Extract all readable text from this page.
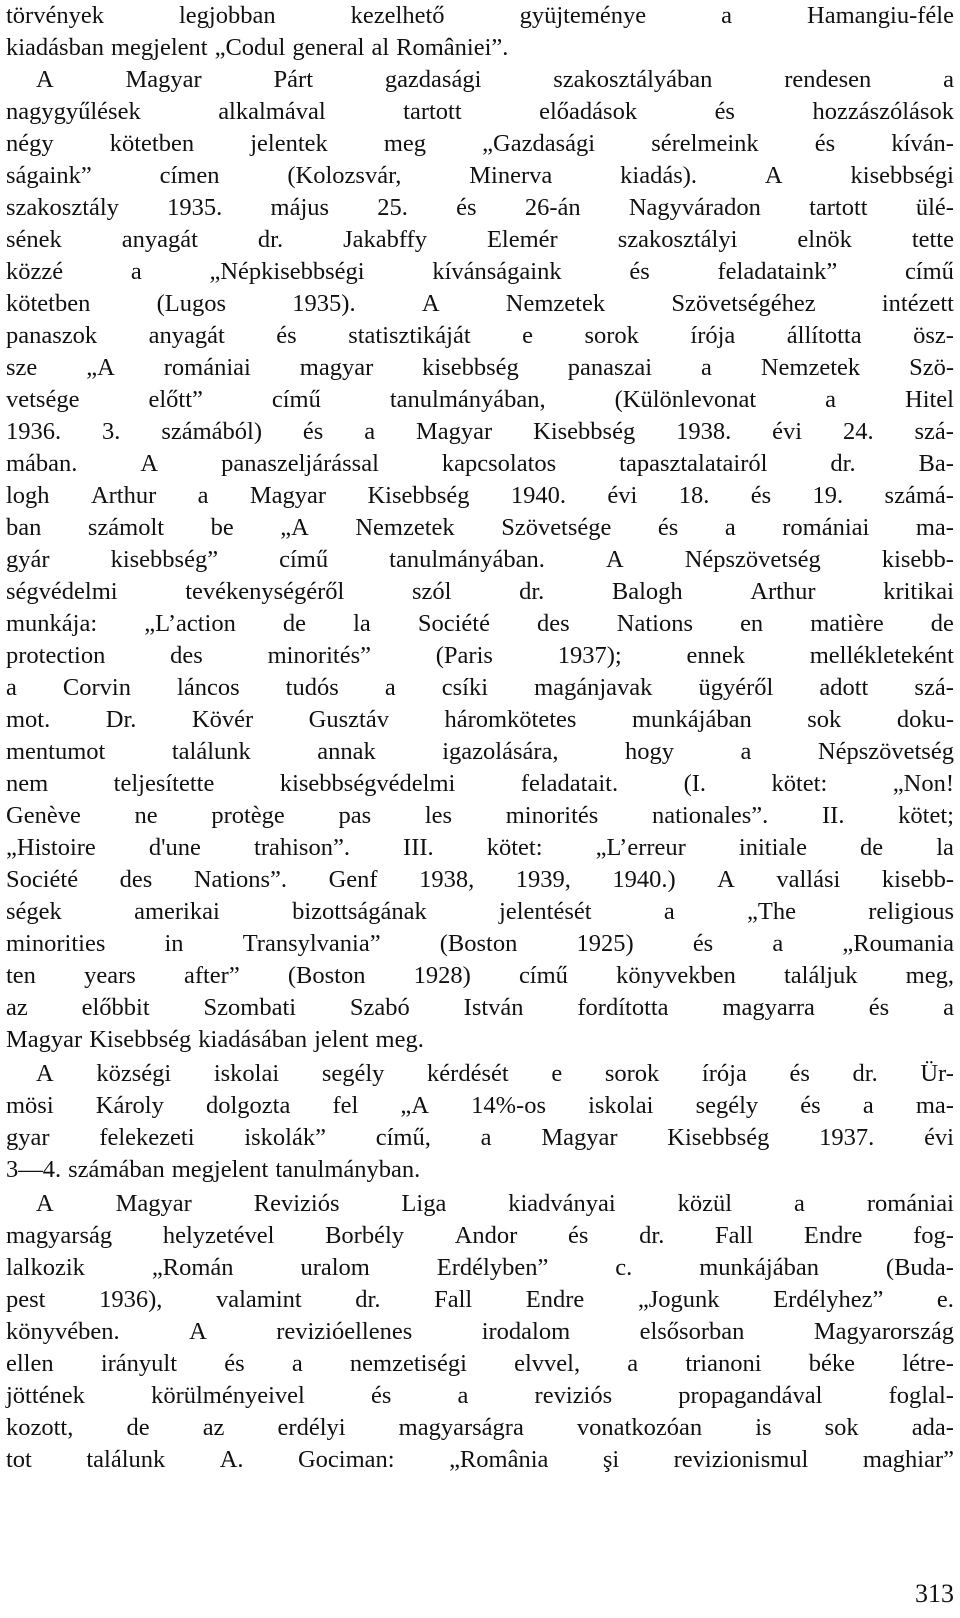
törvények	legjobban	kezelhető	gyüjteménye	a	Hamangiu-féle
kiadásban megjelent „Codul general al României”.
A	Magyar	Párt	gazdasági	szakosztályában	rendesen	a
nagygyűlések	alkalmával	tartott	előadások	és	hozzászólások
négy kötetben jelentek meg „Gazdasági sérelmeink és kíván-
ságaink”	címen	(Kolozsvár,	Minerva	kiadás).	A	kisebbségi
szakosztály 1935. május 25. és 26-án Nagyváradon tartott ülé-
sének anyagát dr. Jakabffy Elemér szakosztályi elnök tette
közzé	a	„Népkisebbségi	kívánságaink	és	feladataink”	című
kötetben	(Lugos	1935).	A	Nemzetek	Szövetségéhez	intézett
panaszok anyagát és statisztikáját e sorok írója állította ösz-
sze „A romániai magyar kisebbség panaszai a Nemzetek Szö-
vetsége	előtt”	című	tanulmányában,	(Különlevonat	a	Hitel
1936. 3. számából) és a Magyar Kisebbség 1938. évi 24. szá-
mában.	A	panaszeljárással	kapcsolatos	tapasztalatairól	dr.	Ba-
logh Arthur a Magyar Kisebbség 1940. évi 18. és 19. számá-
ban számolt be „A Nemzetek Szövetsége és a romániai ma-
gyár kisebbség” című tanulmányában. A Népszövetség kisebb-
ségvédelmi	tevékenységéről	szól	dr.	Balogh	Arthur	kritikai
munkája: „L’action de la Société des Nations en matière de
protection	des	minorités”	(Paris	1937);	ennek	mellékleteként
a Corvin láncos tudós a csíki magánjavak ügyéről adott szá-
mot. Dr. Kövér Gusztáv háromkötetes munkájában sok doku-
mentumot	találunk	annak	igazolására,	hogy	a	Népszövetség
nem	teljesítette	kisebbségvédelmi	feladatait.	(I.	kötet:	„Non!
Genève ne protège pas les minorités nationales”. II. kötet;
„Histoire d'une trahison”. III. kötet: „L’erreur initiale de la
Société des Nations”. Genf 1938, 1939, 1940.) A vallási kisebb-
ségek	amerikai	bizottságának	jelentését	a	„The	religious
minorities in Transylvania” (Boston 1925) és a „Roumania
ten years after” (Boston 1928) című könyvekben találjuk meg,
az előbbit Szombati Szabó István fordította magyarra és a
Magyar Kisebbség kiadásában jelent meg.
A községi iskolai segély kérdését e sorok írója és dr. Ür-
mösi Károly dolgozta fel „A 14%-os iskolai segély és a ma-
gyar felekezeti iskolák” című, a Magyar Kisebbség 1937. évi
3—4. számában megjelent tanulmányban.
A	Magyar	Reviziós	Liga	kiadványai	közül	a	romániai
magyarság helyzetével Borbély Andor és dr. Fall Endre fog-
lalkozik	„Román	uralom	Erdélyben”	c.	munkájában	(Buda-
pest 1936), valamint dr. Fall Endre „Jogunk Erdélyhez” e.
könyvében.	A	revizióellenes	irodalom	elsősorban	Magyarország
ellen irányult és a nemzetiségi elvvel, a trianoni béke létre-
jöttének	körülményeivel	és	a	reviziós	propagandával	foglal-
kozott, de az erdélyi magyarságra vonatkozóan is sok ada-
tot találunk A. Gociman: „România şi revizionismul maghiar”
313
